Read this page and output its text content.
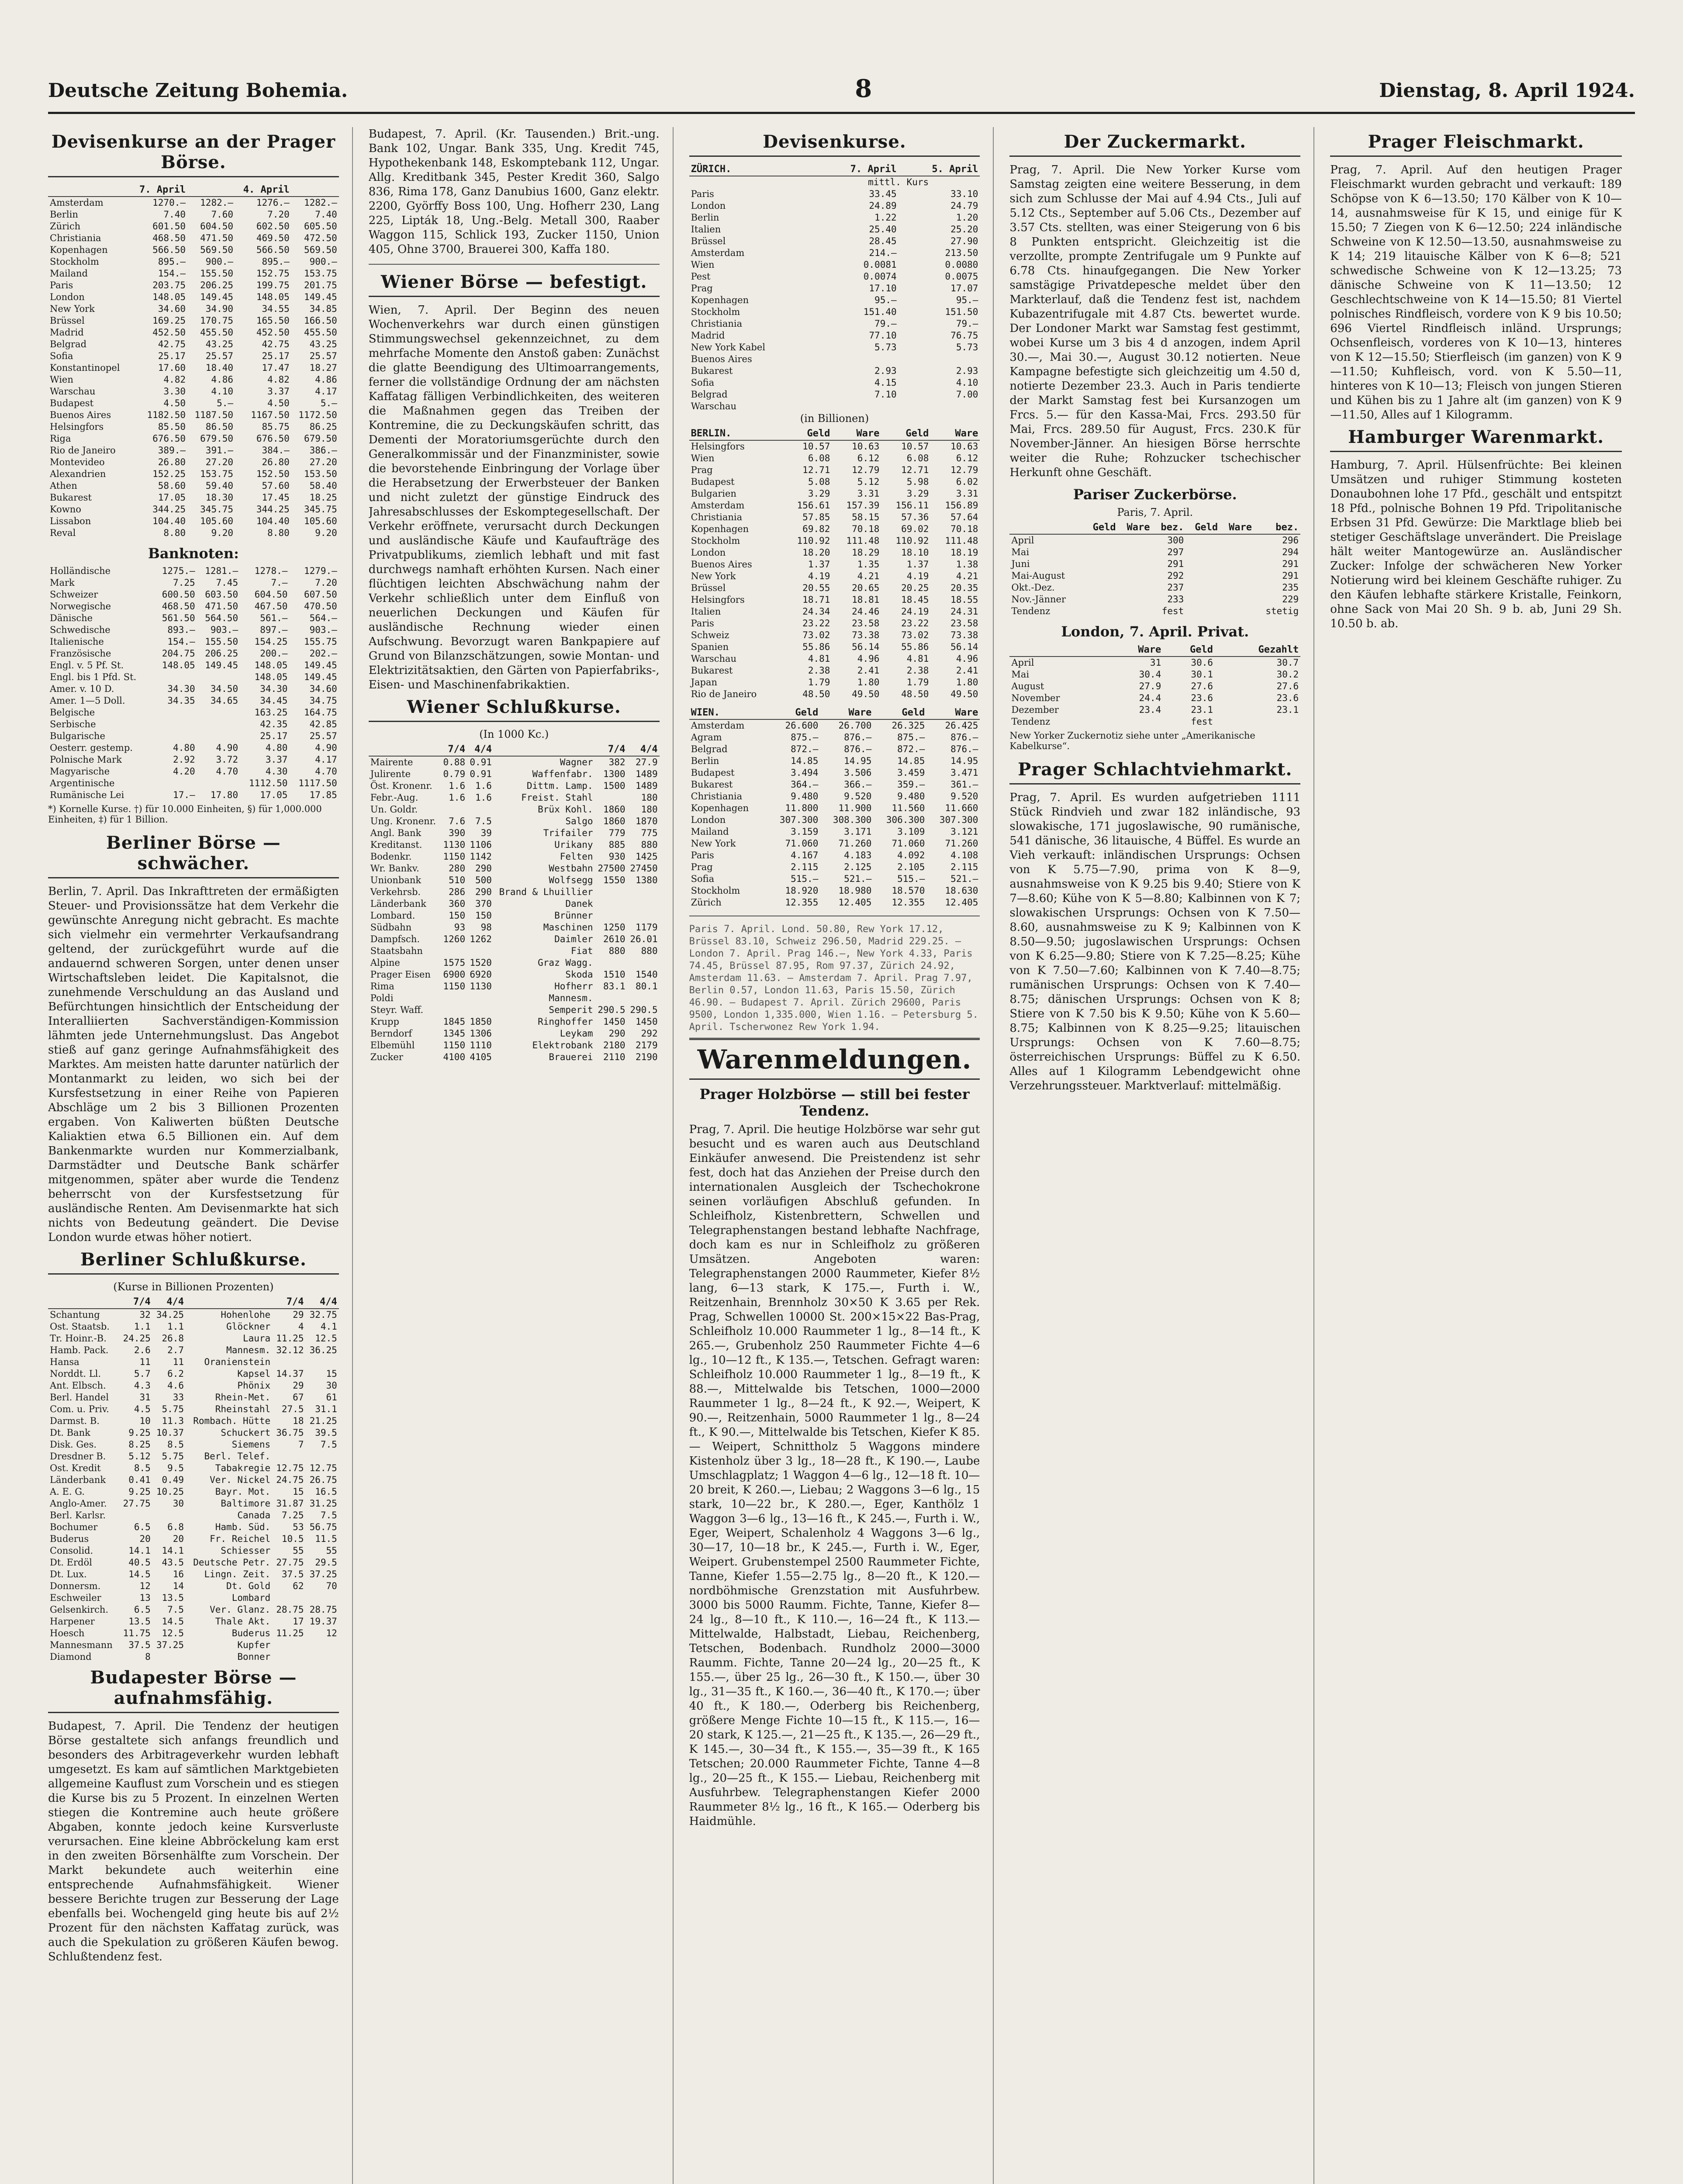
Deutsche Zeitung Bohemia.	8	Dienstag, 8. April 1924.
Devisenkurse an der Prager Börse.
	7. April		4. April	
Amsterdam	1270.—	1282.—	1276.—	1282.—
Berlin	7.40	7.60	7.20	7.40
Zürich	601.50	604.50	602.50	605.50
Christiania	468.50	471.50	469.50	472.50
Kopenhagen	566.50	569.50	566.50	569.50
Stockholm	895.—	900.—	895.—	900.—
Mailand	154.—	155.50	152.75	153.75
Paris	203.75	206.25	199.75	201.75
London	148.05	149.45	148.05	149.45
New York	34.60	34.90	34.55	34.85
Brüssel	169.25	170.75	165.50	166.50
Madrid	452.50	455.50	452.50	455.50
Belgrad	42.75	43.25	42.75	43.25
Sofia	25.17	25.57	25.17	25.57
Konstantinopel	17.60	18.40	17.47	18.27
Wien	4.82	4.86	4.82	4.86
Warschau	3.30	4.10	3.37	4.17
Budapest	4.50	5.—	4.50	5.—
Buenos Aires	1182.50	1187.50	1167.50	1172.50
Helsingfors	85.50	86.50	85.75	86.25
Riga	676.50	679.50	676.50	679.50
Rio de Janeiro	389.—	391.—	384.—	386.—
Montevideo	26.80	27.20	26.80	27.20
Alexandrien	152.25	153.75	152.50	153.50
Athen	58.60	59.40	57.60	58.40
Bukarest	17.05	18.30	17.45	18.25
Kowno	344.25	345.75	344.25	345.75
Lissabon	104.40	105.60	104.40	105.60
Reval	8.80	9.20	8.80	9.20
Banknoten:
Holländische	1275.—	1281.—	1278.—	1279.—
Mark	7.25	7.45	7.—	7.20
Schweizer	600.50	603.50	604.50	607.50
Norwegische	468.50	471.50	467.50	470.50
Dänische	561.50	564.50	561.—	564.—
Schwedische	893.—	903.—	897.—	903.—
Italienische	154.—	155.50	154.25	155.75
Französische	204.75	206.25	200.—	202.—
Engl. v. 5 Pf. St.	148.05	149.45	148.05	149.45
Engl. bis 1 Pfd. St.			148.05	149.45
Amer. v. 10 D.	34.30	34.50	34.30	34.60
Amer. 1—5 Doll.	34.35	34.65	34.45	34.75
Belgische			163.25	164.75
Serbische			42.35	42.85
Bulgarische			25.17	25.57
Oesterr. gestemp.	4.80	4.90	4.80	4.90
Polnische Mark	2.92	3.72	3.37	4.17
Magyarische	4.20	4.70	4.30	4.70
Argentinische			1112.50	1117.50
Rumänische Lei	17.—	17.80	17.05	17.85
*) Kornelle Kurse. †) für 10.000 Einheiten, §) für 1,000.000 Einheiten, ‡) für 1 Billion.
Berliner Börse — schwächer.

Berlin, 7. April. Das Inkrafttreten der ermäßigten Steuer- und Provisionssätze hat dem Verkehr die gewünschte Anregung nicht gebracht. Es machte sich vielmehr ein vermehrter Verkaufsandrang geltend, der zurückgeführt wurde auf die andauernd schweren Sorgen, unter denen unser Wirtschaftsleben leidet. Die Kapitalsnot, die zunehmende Verschuldung an das Ausland und Befürchtungen hinsichtlich der Entscheidung der Interalliierten Sachverständigen-Kommission lähmten jede Unternehmungslust. Das Angebot stieß auf ganz geringe Aufnahmsfähigkeit des Marktes. Am meisten hatte darunter natürlich der Montanmarkt zu leiden, wo sich bei der Kursfestsetzung in einer Reihe von Papieren Abschläge um 2 bis 3 Billionen Prozenten ergaben. Von Kaliwerten büßten Deutsche Kaliaktien etwa 6.5 Billionen ein. Auf dem Bankenmarkte wurden nur Kommerzialbank, Darmstädter und Deutsche Bank schärfer mitgenommen, später aber wurde die Tendenz beherrscht von der Kursfestsetzung für ausländische Renten. Am Devisenmarkte hat sich nichts von Bedeutung geändert. Die Devise London wurde etwas höher notiert.

Berliner Schlußkurse.
(Kurse in Billionen Prozenten)
	7/4	4/4		7/4	4/4
Schantung	32	34.25	Hohenlohe	29	32.75
Ost. Staatsb.	1.1	1.1	Glöckner	4	4.1
Tr. Hoinr.-B.	24.25	26.8	Laura	11.25	12.5
Hamb. Pack.	2.6	2.7	Mannesm.	32.12	36.25
Hansa	11	11	Oranienstein		
Norddt. Ll.	5.7	6.2	Kapsel	14.37	15
Ant. Elbsch.	4.3	4.6	Phönix	29	30
Berl. Handel	31	33	Rhein-Met.	67	61
Com. u. Priv.	4.5	5.75	Rheinstahl	27.5	31.1
Darmst. B.	10	11.3	Rombach. Hütte	18	21.25
Dt. Bank	9.25	10.37	Schuckert	36.75	39.5
Disk. Ges.	8.25	8.5	Siemens	7	7.5
Dresdner B.	5.12	5.75	Berl. Telef.		
Ost. Kredit	8.5	9.5	Tabakregie	12.75	12.75
Länderbank	0.41	0.49	Ver. Nickel	24.75	26.75
A. E. G.	9.25	10.25	Bayr. Mot.	15	16.5
Anglo-Amer.	27.75	30	Baltimore	31.87	31.25
Berl. Karlsr.			Canada	7.25	7.5
Bochumer	6.5	6.8	Hamb. Süd.	53	56.75
Buderus	20	20	Fr. Reichel	10.5	11.5
Consolid.	14.1	14.1	Schiesser	55	55
Dt. Erdöl	40.5	43.5	Deutsche Petr.	27.75	29.5
Dt. Lux.	14.5	16	Lingn. Zeit.	37.5	37.25
Donnersm.	12	14	Dt. Gold	62	70
Eschweiler	13	13.5	Lombard		
Gelsenkirch.	6.5	7.5	Ver. Glanz.	28.75	28.75
Harpener	13.5	14.5	Thale Akt.	17	19.37
Hoesch	11.75	12.5	Buderus	11.25	12
Mannesmann	37.5	37.25	Kupfer		
Diamond	8		Bonner		
Budapester Börse — aufnahmsfähig.

Budapest, 7. April. Die Tendenz der heutigen Börse gestaltete sich anfangs freundlich und besonders des Arbitrageverkehr wurden lebhaft umgesetzt. Es kam auf sämtlichen Marktgebieten allgemeine Kauflust zum Vorschein und es stiegen die Kurse bis zu 5 Prozent. In einzelnen Werten stiegen die Kontremine auch heute größere Abgaben, konnte jedoch keine Kursverluste verursachen. Eine kleine Abbröckelung kam erst in den zweiten Börsenhälfte zum Vorschein. Der Markt bekundete auch weiterhin eine entsprechende Aufnahmsfähigkeit. Wiener bessere Berichte trugen zur Besserung der Lage ebenfalls bei. Wochengeld ging heute bis auf 2½ Prozent für den nächsten Kaffatag zurück, was auch die Spekulation zu größeren Käufen bewog. Schlußtendenz fest.

Budapest, 7. April. (Kr. Tausenden.) Brit.-ung. Bank 102, Ungar. Bank 335, Ung. Kredit 745, Hypothekenbank 148, Eskomptebank 112, Ungar. Allg. Kreditbank 345, Pester Kredit 360, Salgo 836, Rima 178, Ganz Danubius 1600, Ganz elektr. 2200, Györffy Boss 100, Ung. Hofherr 230, Lang 225, Lipták 18, Ung.-Belg. Metall 300, Raaber Waggon 115, Schlick 193, Zucker 1150, Union 405, Ohne 3700, Brauerei 300, Kaffa 180.

Wiener Börse — befestigt.

Wien, 7. April. Der Beginn des neuen Wochenverkehrs war durch einen günstigen Stimmungswechsel gekennzeichnet, zu dem mehrfache Momente den Anstoß gaben: Zunächst die glatte Beendigung des Ultimoarrangements, ferner die vollständige Ordnung der am nächsten Kaffatag fälligen Verbindlichkeiten, des weiteren die Maßnahmen gegen das Treiben der Kontremine, die zu Deckungskäufen schritt, das Dementi der Moratoriumsgerüchte durch den Generalkommissär und der Finanzminister, sowie die bevorstehende Einbringung der Vorlage über die Herabsetzung der Erwerbsteuer der Banken und nicht zuletzt der günstige Eindruck des Jahresabschlusses der Eskomptegesellschaft. Der Verkehr eröffnete, verursacht durch Deckungen und ausländische Käufe und Kaufaufträge des Privatpublikums, ziemlich lebhaft und mit fast durchwegs namhaft erhöhten Kursen. Nach einer flüchtigen leichten Abschwächung nahm der Verkehr schließlich unter dem Einfluß von neuerlichen Deckungen und Käufen für ausländische Rechnung wieder einen Aufschwung. Bevorzugt waren Bankpapiere auf Grund von Bilanzschätzungen, sowie Montan- und Elektrizitätsaktien, den Gärten von Papierfabriks-, Eisen- und Maschinenfabrikaktien.

Wiener Schlußkurse.
(In 1000 Kc.)
	7/4	4/4		7/4	4/4
Mairente	0.88	0.91	Wagner	382	27.9
Julirente	0.79	0.91	Waffenfabr.	1300	1489
Öst. Kronenr.	1.6	1.6	Dittm. Lamp.	1500	1489
Febr.-Aug.	1.6	1.6	Freist. Stahl		180
Un. Goldr.			Brüx Kohl.	1860	180
Ung. Kronenr.	7.6	7.5	Salgo	1860	1870
Angl. Bank	390	39	Trifailer	779	775
Kreditanst.	1130	1106	Urikany	885	880
Bodenkr.	1150	1142	Felten	930	1425
Wr. Bankv.	280	290	Westbahn	27500	27450
Unionbank	510	500	Wolfsegg	1550	1380
Verkehrsb.	286	290	Brand & Lhuillier		
Länderbank	360	370	Danek		
Lombard.	150	150	Brünner		
Südbahn	93	98	Maschinen	1250	1179
Dampfsch.	1260	1262	Daimler	2610	26.01
Staatsbahn			Fiat	880	880
Alpine	1575	1520	Graz Wagg.		
Prager Eisen	6900	6920	Skoda	1510	1540
Rima	1150	1130	Hofherr	83.1	80.1
Poldi			Mannesm.		
Steyr. Waff.			Semperit	290.5	290.5
Krupp	1845	1850	Ringhoffer	1450	1450
Berndorf	1345	1306	Leykam	290	292
Elbemühl	1150	1110	Elektrobank	2180	2179
Zucker	4100	4105	Brauerei	2110	2190
Devisenkurse.
ZÜRICH.	7. April	5. April
	mittl. Kurs	
Paris	33.45	33.10
London	24.89	24.79
Berlin	1.22	1.20
Italien	25.40	25.20
Brüssel	28.45	27.90
Amsterdam	214.—	213.50
Wien	0.0081	0.0080
Pest	0.0074	0.0075
Prag	17.10	17.07
Kopenhagen	95.—	95.—
Stockholm	151.40	151.50
Christiania	79.—	79.—
Madrid	77.10	76.75
New York Kabel	5.73	5.73
Buenos Aires		
Bukarest	2.93	2.93
Sofia	4.15	4.10
Belgrad	7.10	7.00
Warschau		
(in Billionen)
BERLIN.	Geld	Ware	Geld	Ware
Helsingfors	10.57	10.63	10.57	10.63
Wien	6.08	6.12	6.08	6.12
Prag	12.71	12.79	12.71	12.79
Budapest	5.08	5.12	5.98	6.02
Bulgarien	3.29	3.31	3.29	3.31
Amsterdam	156.61	157.39	156.11	156.89
Christiania	57.85	58.15	57.36	57.64
Kopenhagen	69.82	70.18	69.02	70.18
Stockholm	110.92	111.48	110.92	111.48
London	18.20	18.29	18.10	18.19
Buenos Aires	1.37	1.35	1.37	1.38
New York	4.19	4.21	4.19	4.21
Brüssel	20.55	20.65	20.25	20.35
Helsingfors	18.71	18.81	18.45	18.55
Italien	24.34	24.46	24.19	24.31
Paris	23.22	23.58	23.22	23.58
Schweiz	73.02	73.38	73.02	73.38
Spanien	55.86	56.14	55.86	56.14
Warschau	4.81	4.96	4.81	4.96
Bukarest	2.38	2.41	2.38	2.41
Japan	1.79	1.80	1.79	1.80
Rio de Janeiro	48.50	49.50	48.50	49.50
WIEN.	Geld	Ware	Geld	Ware
Amsterdam	26.600	26.700	26.325	26.425
Agram	875.—	876.—	875.—	876.—
Belgrad	872.—	876.—	872.—	876.—
Berlin	14.85	14.95	14.85	14.95
Budapest	3.494	3.506	3.459	3.471
Bukarest	364.—	366.—	359.—	361.—
Christiania	9.480	9.520	9.480	9.520
Kopenhagen	11.800	11.900	11.560	11.660
London	307.300	308.300	306.300	307.300
Mailand	3.159	3.171	3.109	3.121
New York	71.060	71.260	71.060	71.260
Paris	4.167	4.183	4.092	4.108
Prag	2.115	2.125	2.105	2.115
Sofia	515.—	521.—	515.—	521.—
Stockholm	18.920	18.980	18.570	18.630
Zürich	12.355	12.405	12.355	12.405
Paris 7. April. Lond. 50.80, Rew York 17.12, Brüssel 83.10, Schweiz 296.50, Madrid 229.25. — London 7. April. Prag 146.—, New York 4.33, Paris 74.45, Brüssel 87.95, Rom 97.37, Zürich 24.92, Amsterdam 11.63. — Amsterdam 7. April. Prag 7.97, Berlin 0.57, London 11.63, Paris 15.50, Zürich 46.90. — Budapest 7. April. Zürich 29600, Paris 9500, London 1,335.000, Wien 1.16. — Petersburg 5. April. Tscherwonez Rew York 1.94.
Warenmeldungen.
Prager Holzbörse — still bei fester Tendenz.

Prag, 7. April. Die heutige Holzbörse war sehr gut besucht und es waren auch aus Deutschland Einkäufer anwesend. Die Preistendenz ist sehr fest, doch hat das Anziehen der Preise durch den internationalen Ausgleich der Tschechokrone seinen vorläufigen Abschluß gefunden. In Schleifholz, Kistenbrettern, Schwellen und Telegraphenstangen bestand lebhafte Nachfrage, doch kam es nur in Schleifholz zu größeren Umsätzen. Angeboten waren: Telegraphenstangen 2000 Raummeter, Kiefer 8½ lang, 6—13 stark, K 175.—, Furth i. W., Reitzenhain, Brennholz 30×50 K 3.65 per Rek. Prag, Schwellen 10000 St. 200×15×22 Bas-Prag, Schleifholz 10.000 Raummeter 1 lg., 8—14 ft., K 265.—, Grubenholz 250 Raummeter Fichte 4—6 lg., 10—12 ft., K 135.—, Tetschen. Gefragt waren: Schleifholz 10.000 Raummeter 1 lg., 8—19 ft., K 88.—, Mittelwalde bis Tetschen, 1000—2000 Raummeter 1 lg., 8—24 ft., K 92.—, Weipert, K 90.—, Reitzenhain, 5000 Raummeter 1 lg., 8—24 ft., K 90.—, Mittelwalde bis Tetschen, Kiefer K 85.— Weipert, Schnittholz 5 Waggons mindere Kistenholz über 3 lg., 18—28 ft., K 190.—, Laube Umschlagplatz; 1 Waggon 4—6 lg., 12—18 ft. 10—20 breit, K 260.—, Liebau; 2 Waggons 3—6 lg., 15 stark, 10—22 br., K 280.—, Eger, Kanthölz 1 Waggon 3—6 lg., 13—16 ft., K 245.—, Furth i. W., Eger, Weipert, Schalenholz 4 Waggons 3—6 lg., 30—17, 10—18 br., K 245.—, Furth i. W., Eger, Weipert. Grubenstempel 2500 Raummeter Fichte, Tanne, Kiefer 1.55—2.75 lg., 8—20 ft., K 120.— nordböhmische Grenzstation mit Ausfuhrbew. 3000 bis 5000 Raumm. Fichte, Tanne, Kiefer 8—24 lg., 8—10 ft., K 110.—, 16—24 ft., K 113.— Mittelwalde, Halbstadt, Liebau, Reichenberg, Tetschen, Bodenbach. Rundholz 2000—3000 Raumm. Fichte, Tanne 20—24 lg., 20—25 ft., K 155.—, über 25 lg., 26—30 ft., K 150.—, über 30 lg., 31—35 ft., K 160.—, 36—40 ft., K 170.—; über 40 ft., K 180.—, Oderberg bis Reichenberg, größere Menge Fichte 10—15 ft., K 115.—, 16—20 stark, K 125.—, 21—25 ft., K 135.—, 26—29 ft., K 145.—, 30—34 ft., K 155.—, 35—39 ft., K 165 Tetschen; 20.000 Raummeter Fichte, Tanne 4—8 lg., 20—25 ft., K 155.— Liebau, Reichenberg mit Ausfuhrbew. Telegraphenstangen Kiefer 2000 Raummeter 8½ lg., 16 ft., K 165.— Oderberg bis Haidmühle.

Der Zuckermarkt.

Prag, 7. April. Die New Yorker Kurse vom Samstag zeigten eine weitere Besserung, in dem sich zum Schlusse der Mai auf 4.94 Cts., Juli auf 5.12 Cts., September auf 5.06 Cts., Dezember auf 3.57 Cts. stellten, was einer Steigerung von 6 bis 8 Punkten entspricht. Gleichzeitig ist die verzollte, prompte Zentrifugale um 9 Punkte auf 6.78 Cts. hinaufgegangen. Die New Yorker samstägige Privatdepesche meldet über den Markterlauf, daß die Tendenz fest ist, nachdem Kubazentrifugale mit 4.87 Cts. bewertet wurde. Der Londoner Markt war Samstag fest gestimmt, wobei Kurse um 3 bis 4 d anzogen, indem April 30.—, Mai 30.—, August 30.12 notierten. Neue Kampagne befestigte sich gleichzeitig um 4.50 d, notierte Dezember 23.3. Auch in Paris tendierte der Markt Samstag fest bei Kursanzogen um Frcs. 5.— für den Kassa-Mai, Frcs. 293.50 für Mai, Frcs. 289.50 für August, Frcs. 230.K für November-Jänner. An hiesigen Börse herrschte weiter die Ruhe; Rohzucker tschechischer Herkunft ohne Geschäft.

Pariser Zuckerbörse.
Paris, 7. April.
	Geld	Ware	bez.	Geld	Ware	bez.
April			300			296
Mai			297			294
Juni			291			291
Mai-August			292			291
Okt.-Dez.			237			235
Nov.-Jänner			233			229
Tendenz			fest			stetig
London, 7. April. Privat.
	Ware	Geld	Gezahlt
April	31	30.6	30.7
Mai	30.4	30.1	30.2
August	27.9	27.6	27.6
November	24.4	23.6	23.6
Dezember	23.4	23.1	23.1
Tendenz		fest	
New Yorker Zuckernotiz siehe unter „Amerikanische Kabelkurse“.
Prager Schlachtviehmarkt.

Prag, 7. April. Es wurden aufgetrieben 1111 Stück Rindvieh und zwar 182 inländische, 93 slowakische, 171 jugoslawische, 90 rumänische, 541 dänische, 36 litauische, 4 Büffel. Es wurde an Vieh verkauft: inländischen Ursprungs: Ochsen von K 5.75—7.90, prima von K 8—9, ausnahmsweise von K 9.25 bis 9.40; Stiere von K 7—8.60; Kühe von K 5—8.80; Kalbinnen von K 7; slowakischen Ursprungs: Ochsen von K 7.50—8.60, ausnahmsweise zu K 9; Kalbinnen von K 8.50—9.50; jugoslawischen Ursprungs: Ochsen von K 6.25—9.80; Stiere von K 7.25—8.25; Kühe von K 7.50—7.60; Kalbinnen von K 7.40—8.75; rumänischen Ursprungs: Ochsen von K 7.40—8.75; dänischen Ursprungs: Ochsen von K 8; Stiere von K 7.50 bis K 9.50; Kühe von K 5.60—8.75; Kalbinnen von K 8.25—9.25; litauischen Ursprungs: Ochsen von K 7.60—8.75; österreichischen Ursprungs: Büffel zu K 6.50. Alles auf 1 Kilogramm Lebendgewicht ohne Verzehrungssteuer. Marktverlauf: mittelmäßig.

Prager Fleischmarkt.

Prag, 7. April. Auf den heutigen Prager Fleischmarkt wurden gebracht und verkauft: 189 Schöpse von K 6—13.50; 170 Kälber von K 10—14, ausnahmsweise für K 15, und einige für K 15.50; 7 Ziegen von K 6—12.50; 224 inländische Schweine von K 12.50—13.50, ausnahmsweise zu K 14; 219 litauische Kälber von K 6—8; 521 schwedische Schweine von K 12—13.25; 73 dänische Schweine von K 11—13.50; 12 Geschlechtschweine von K 14—15.50; 81 Viertel polnisches Rindfleisch, vordere von K 9 bis 10.50; 696 Viertel Rindfleisch inländ. Ursprungs; Ochsenfleisch, vorderes von K 10—13, hinteres von K 12—15.50; Stierfleisch (im ganzen) von K 9—11.50; Kuhfleisch, vord. von K 5.50—11, hinteres von K 10—13; Fleisch von jungen Stieren und Kühen bis zu 1 Jahre alt (im ganzen) von K 9—11.50, Alles auf 1 Kilogramm.

Hamburger Warenmarkt.

Hamburg, 7. April. Hülsenfrüchte: Bei kleinen Umsätzen und ruhiger Stimmung kosteten Donaubohnen lohe 17 Pfd., geschält und entspitzt 18 Pfd., polnische Bohnen 19 Pfd. Tripolitanische Erbsen 31 Pfd. Gewürze: Die Marktlage blieb bei stetiger Geschäftslage unverändert. Die Preislage hält weiter Mantogewürze an. Ausländischer Zucker: Infolge der schwächeren New Yorker Notierung wird bei kleinem Geschäfte ruhiger. Zu den Käufen lebhafte stärkere Kristalle, Feinkorn, ohne Sack von Mai 20 Sh. 9 b. ab, Juni 29 Sh. 10.50 b. ab.
